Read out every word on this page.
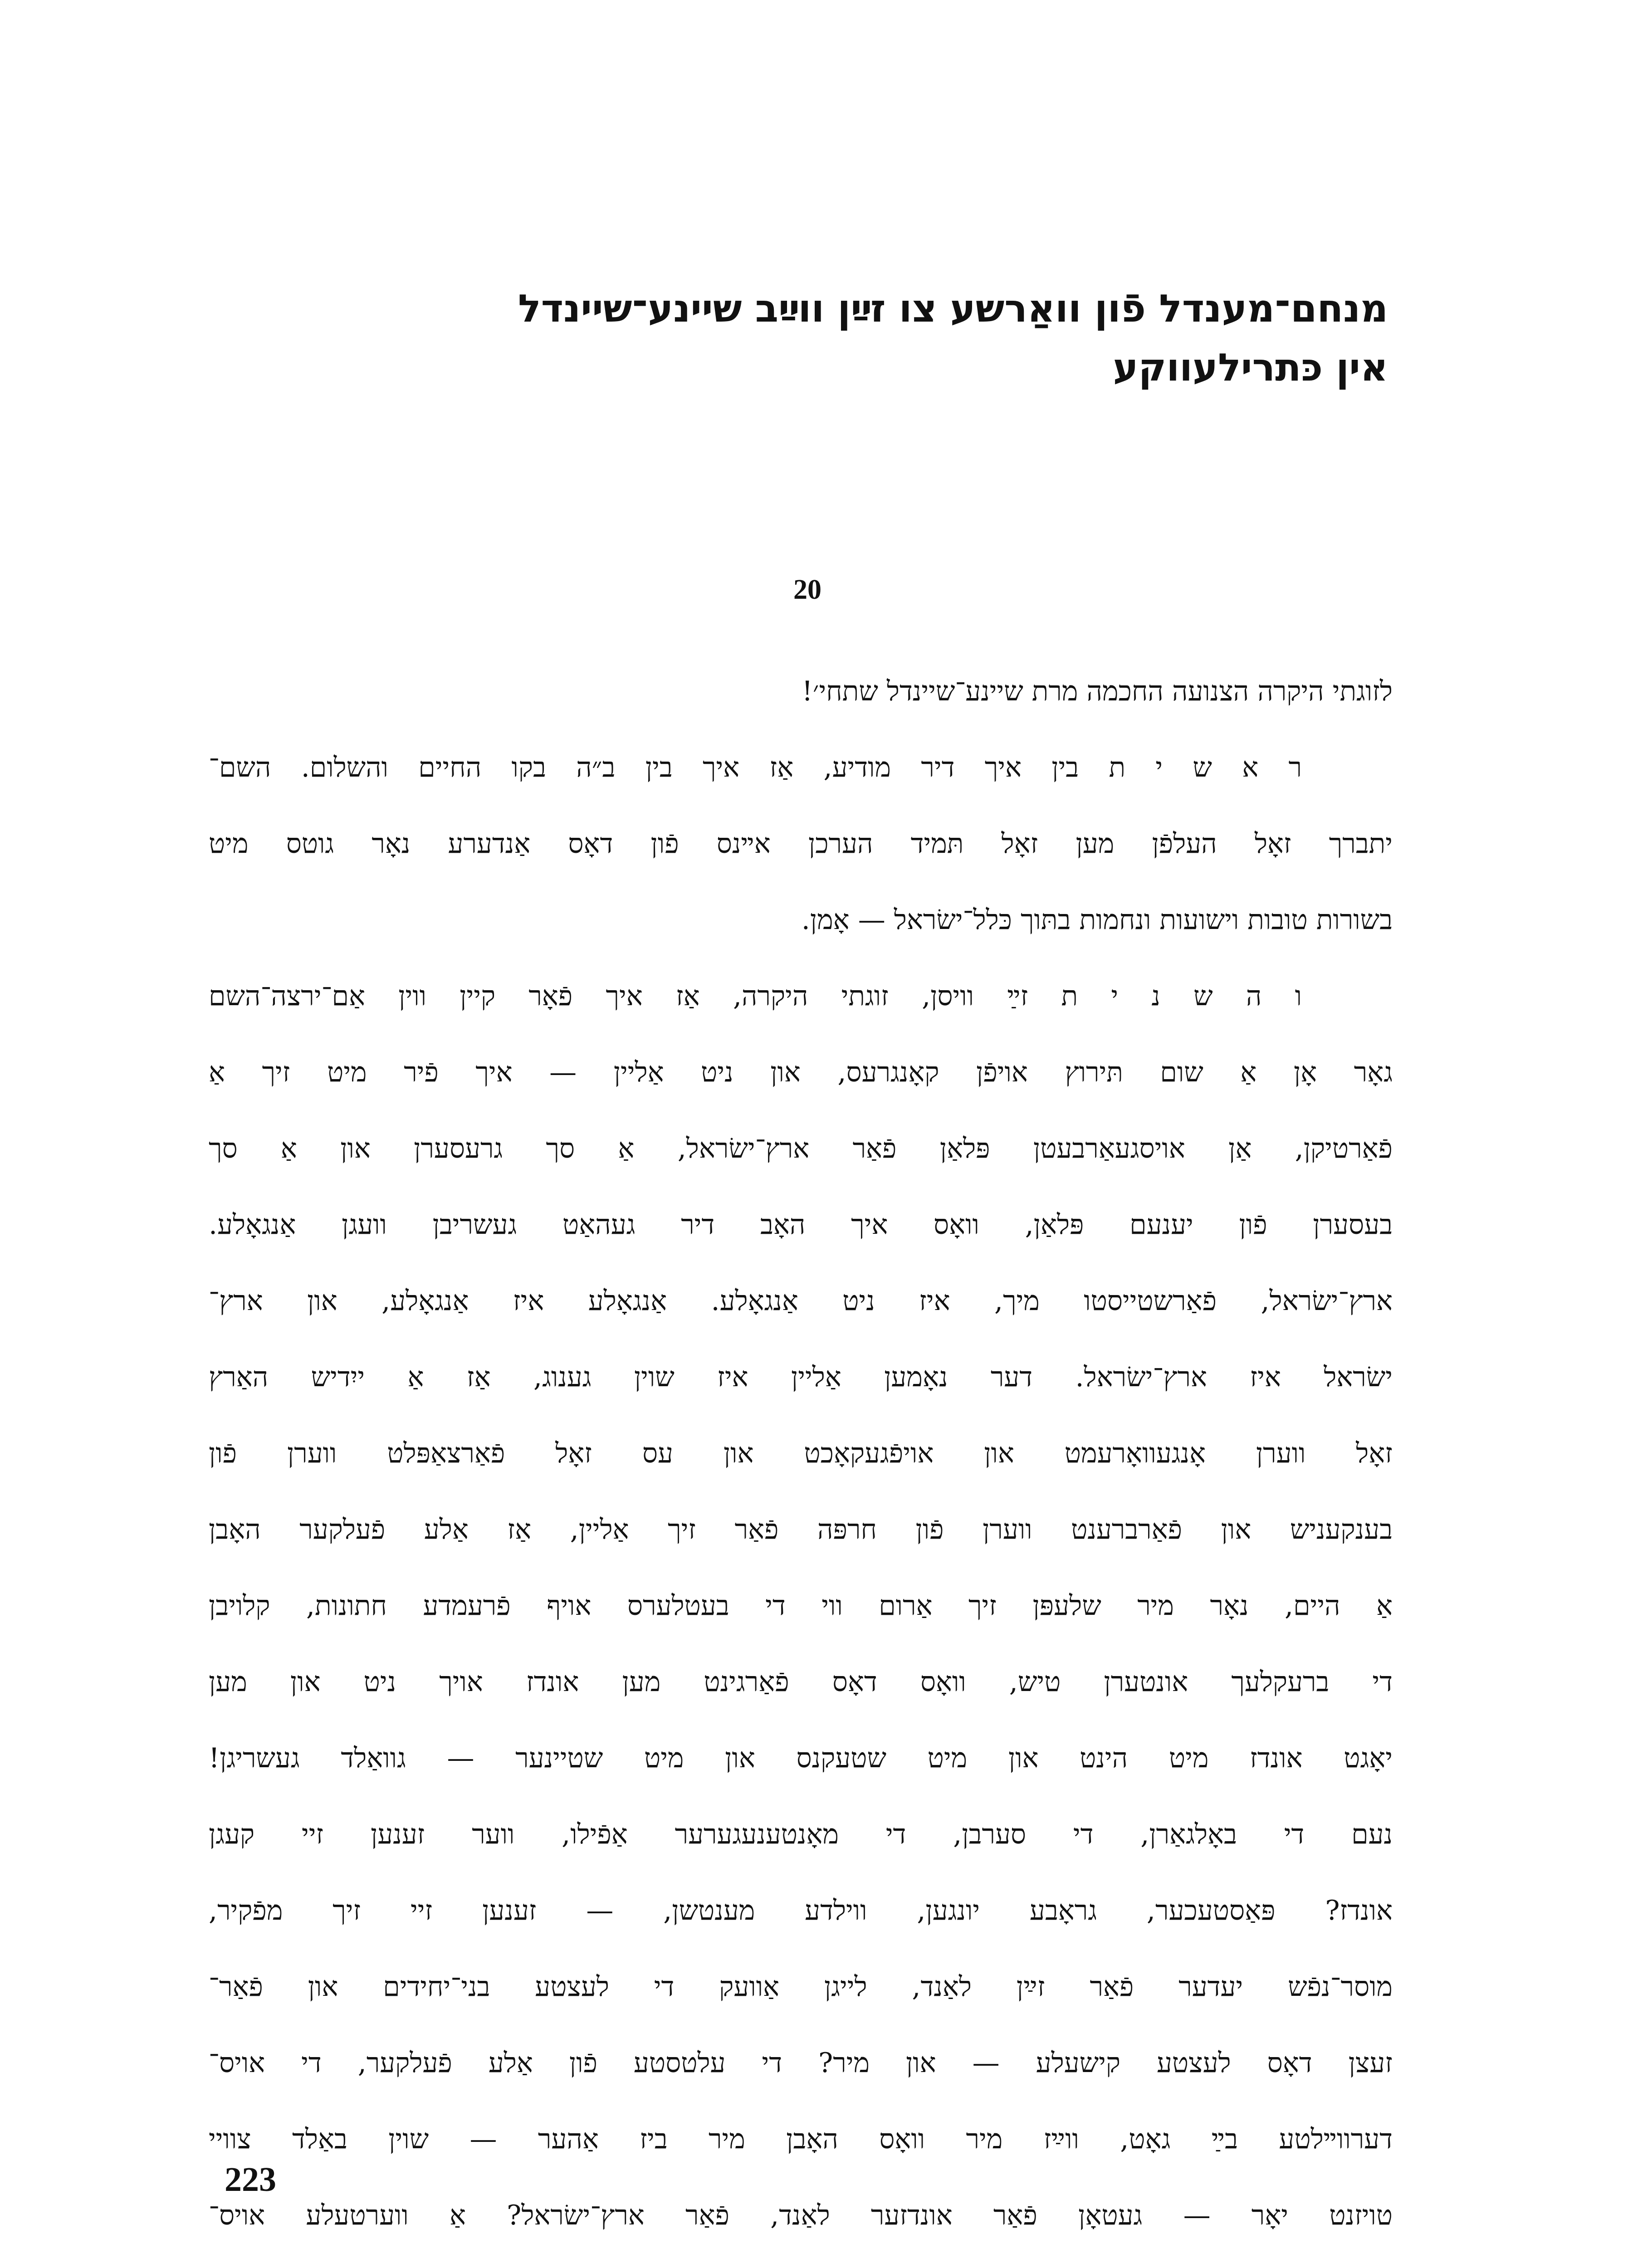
מנחם־מענדל פֿון וואַרשע צו זײַן ווײַב שיינע־שיינדל
אין כּתרילעווקע
20
לזוגתי היקרה הצנועה החכמה מרת שיינע־שיינדל שתחי׳!
ר א ש י ת בין איך דיר מודיע, אַז איך בין ב״ה בקו החיים והשלום. השם־
יתברך זאָל העלפֿן מען זאָל תּמיד הערכן אײנס פֿון דאָס אַנדערע נאָר גוטס מיט
בשורות טובות וישועות ונחמות בתּוך כּלל־ישׂראל — אָמן.
ו ה ש נ י ת זײַ וויסן, זוגתי היקרה, אַז איך פֿאָר קיין ווין אַם־ירצה־השם
גאָר אָן אַ שום תּירוץ אויפֿן קאָנגרעס, און ניט אַליין — איך פֿיר מיט זיך אַ
פֿאַרטיקן, אַן אויסגעאַרבעטן פּלאַן פֿאַר ארץ־ישׂראל, אַ סך גרעסערן און אַ סך
בעסערן פֿון יענעם פּלאַן, וואָס איך האָב דיר געהאַט געשריבן וועגן אַנגאָלע.
ארץ־ישׂראל, פֿאַרשטייסטו מיך, איז ניט אַנגאָלע. אַנגאָלע איז אַנגאָלע, און ארץ־
ישׂראל איז ארץ־ישׂראל. דער נאָמען אַליין איז שוין גענוג, אַז אַ ייִדיש האַרץ
זאָל ווערן אָנגעוואָרעמט און אויפֿגעקאָכט און עס זאָל פֿאַרצאַפּלט ווערן פֿון
בענקעניש און פֿאַרברענט ווערן פֿון חרפּה פֿאַר זיך אַליין, אַז אַלע פֿעלקער האָבן
אַ היים, נאָר מיר שלעפּן זיך אַרום ווי די בעטלערס אויף פֿרעמדע חתונות, קלויבן
די ברעקלעך אונטערן טיש, וואָס דאָס פֿאַרגינט מען אונדז אויך ניט און מען
יאָגט אונדז מיט הינט און מיט שטעקנס און מיט שטיינער — גוואַלד געשריגן!
נעם די באָלגאַרן, די סערבן, די מאָנטענעגערער אַפֿילו, ווער זענען זיי קעגן
אונדז? פּאַסטעכער, גראָבע יונגען, ווילדע מענטשן, — זענען זיי זיך מפֿקיר,
מוסר־נפֿש יעדער פֿאַר זײַן לאַנד, לייגן אַוועק די לעצטע בני־יחידים און פֿאַר־
זעצן דאָס לעצטע קישעלע — און מיר? די עלטסטע פֿון אַלע פֿעלקער, די אויס־
דערווײלטע בײַ גאָט, ווײַז מיר וואָס האָבן מיר ביז אַהער — שוין באַלד צוויי
טויזנט יאָר — געטאָן פֿאַר אונדזער לאַנד, פֿאַר ארץ־ישׂראל? אַ ווערטעלע אויס־
223
